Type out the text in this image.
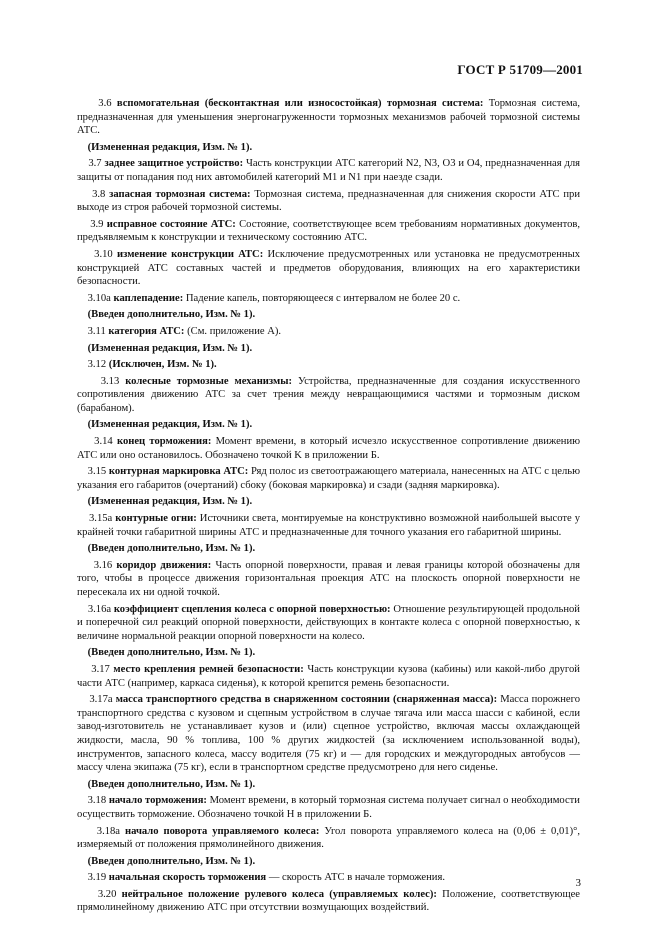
ГОСТ Р 51709—2001

3.6 вспомогательная (бесконтактная или износостойкая) тормозная система: Тормозная система, предназначенная для уменьшения энергонагруженности тормозных механизмов рабочей тормозной системы АТС.

(Измененная редакция, Изм. № 1).

3.7 заднее защитное устройство: Часть конструкции АТС категорий N2, N3, O3 и O4, предназначенная для защиты от попадания под них автомобилей категорий M1 и N1 при наезде сзади.

3.8 запасная тормозная система: Тормозная система, предназначенная для снижения скорости АТС при выходе из строя рабочей тормозной системы.

3.9 исправное состояние АТС: Состояние, соответствующее всем требованиям нормативных документов, предъявляемым к конструкции и техническому состоянию АТС.

3.10 изменение конструкции АТС: Исключение предусмотренных или установка не предусмотренных конструкцией АТС составных частей и предметов оборудования, влияющих на его характеристики безопасности.

3.10а каплепадение: Падение капель, повторяющееся с интервалом не более 20 с.

(Введен дополнительно, Изм. № 1).

3.11 категория АТС: (См. приложение А).

(Измененная редакция, Изм. № 1).

3.12 (Исключен, Изм. № 1).

3.13 колесные тормозные механизмы: Устройства, предназначенные для создания искусственного сопротивления движению АТС за счет трения между невращающимися частями и тормозным диском (барабаном).

(Измененная редакция, Изм. № 1).

3.14 конец торможения: Момент времени, в который исчезло искусственное сопротивление движению АТС или оно остановилось. Обозначено точкой K в приложении Б.

3.15 контурная маркировка АТС: Ряд полос из светоотражающего материала, нанесенных на АТС с целью указания его габаритов (очертаний) сбоку (боковая маркировка) и сзади (задняя маркировка).

(Измененная редакция, Изм. № 1).

3.15а контурные огни: Источники света, монтируемые на конструктивно возможной наибольшей высоте у крайней точки габаритной ширины АТС и предназначенные для точного указания его габаритной ширины.

(Введен дополнительно, Изм. № 1).

3.16 коридор движения: Часть опорной поверхности, правая и левая границы которой обозначены для того, чтобы в процессе движения горизонтальная проекция АТС на плоскость опорной поверхности не пересекала их ни одной точкой.

3.16а коэффициент сцепления колеса с опорной поверхностью: Отношение результирующей продольной и поперечной сил реакций опорной поверхности, действующих в контакте колеса с опорной поверхностью, к величине нормальной реакции опорной поверхности на колесо.

(Введен дополнительно, Изм. № 1).

3.17 место крепления ремней безопасности: Часть конструкции кузова (кабины) или какой-либо другой части АТС (например, каркаса сиденья), к которой крепится ремень безопасности.

3.17а масса транспортного средства в снаряженном состоянии (снаряженная масса): Масса порожнего транспортного средства с кузовом и сцепным устройством в случае тягача или масса шасси с кабиной, если завод-изготовитель не устанавливает кузов и (или) сцепное устройство, включая массы охлаждающей жидкости, масла, 90 % топлива, 100 % других жидкостей (за исключением использованной воды), инструментов, запасного колеса, массу водителя (75 кг) и — для городских и междугородных автобусов — массу члена экипажа (75 кг), если в транспортном средстве предусмотрено для него сиденье.

(Введен дополнительно, Изм. № 1).

3.18 начало торможения: Момент времени, в который тормозная система получает сигнал о необходимости осуществить торможение. Обозначено точкой H в приложении Б.

3.18а начало поворота управляемого колеса: Угол поворота управляемого колеса на (0,06 ± 0,01)°, измеряемый от положения прямолинейного движения.

(Введен дополнительно, Изм. № 1).

3.19 начальная скорость торможения — скорость АТС в начале торможения.

3.20 нейтральное положение рулевого колеса (управляемых колес): Положение, соответствующее прямолинейному движению АТС при отсутствии возмущающих воздействий.

3
